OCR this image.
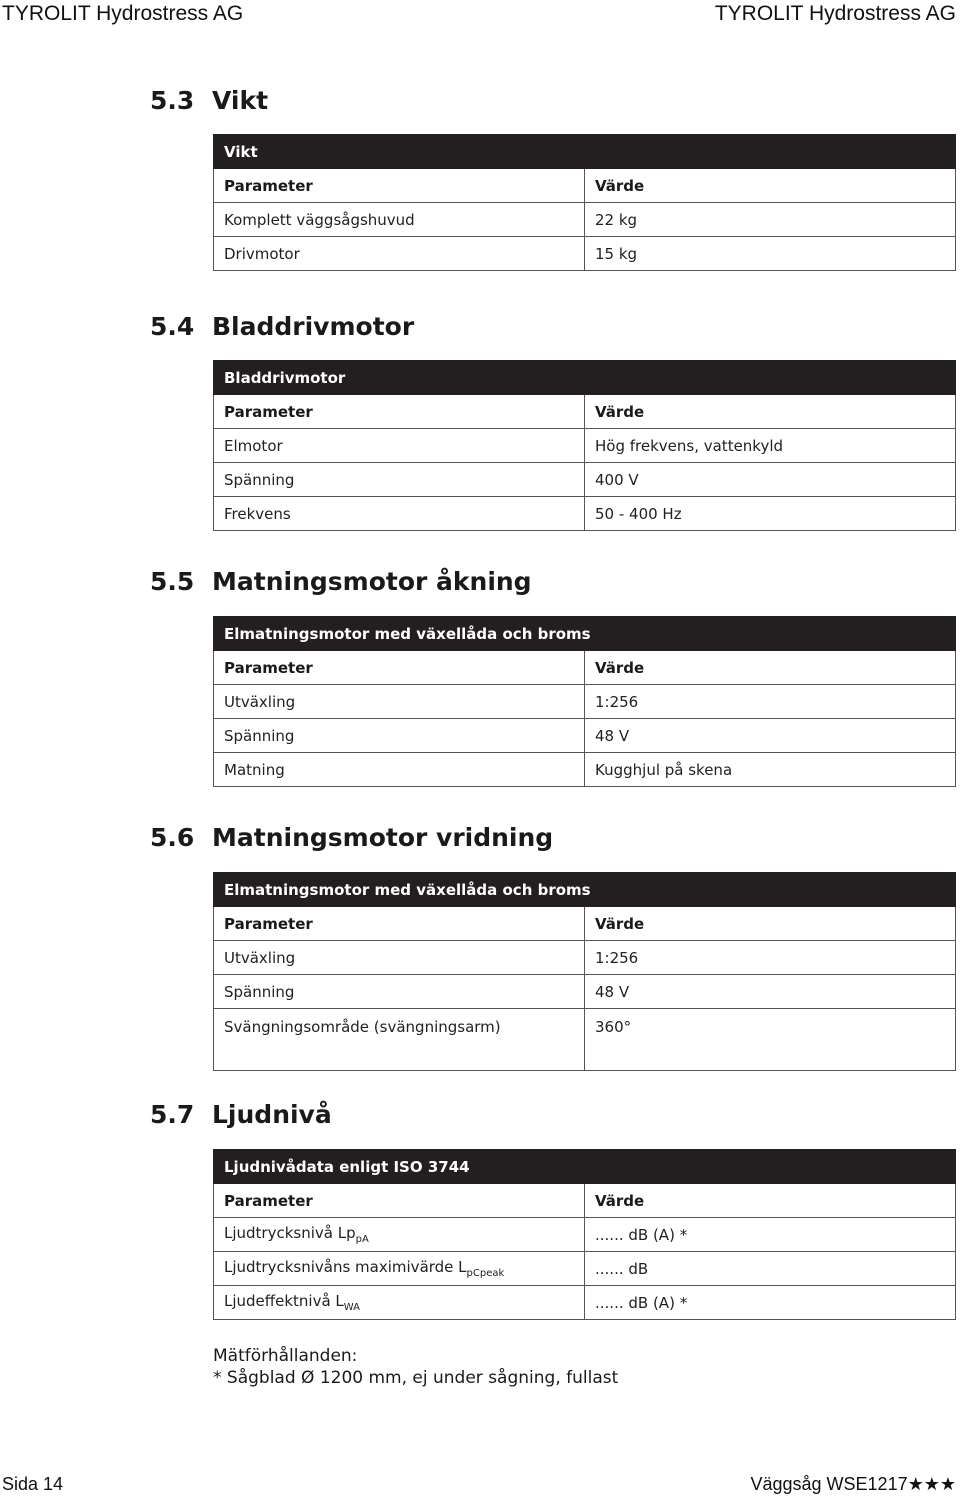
TYROLIT Hydrostress AG	TYROLIT Hydrostress AG
5.3 Vikt
Vikt	
Parameter	Värde
Komplett väggsågshuvud	22 kg
Drivmotor	15 kg
5.4 Bladdrivmotor
Bladdrivmotor	
Parameter	Värde
Elmotor	Hög frekvens, vattenkyld
Spänning	400 V
Frekvens	50 - 400 Hz
5.5 Matningsmotor åkning
Elmatningsmotor med växellåda och broms	
Parameter	Värde
Utväxling	1:256
Spänning	48 V
Matning	Kugghjul på skena
5.6 Matningsmotor vridning
Elmatningsmotor med växellåda och broms	
Parameter	Värde
Utväxling	1:256
Spänning	48 V
Svängningsområde (svängningsarm)	360°
5.7 Ljudnivå
Ljudnivådata enligt ISO 3744	
Parameter	Värde
Ljudtrycksnivå $Lp_{pA}$	...... dB (A) *
Ljudtrycksnivåns maximivärde $L_{pCpeak}$	...... dB
Ljudeffektnivå $L_{WA}$	...... dB (A) *
Mätförhållanden:
* Sågblad Ø 1200 mm, ej under sågning, fullast
Sida 14	Väggsåg WSE1217★★★
